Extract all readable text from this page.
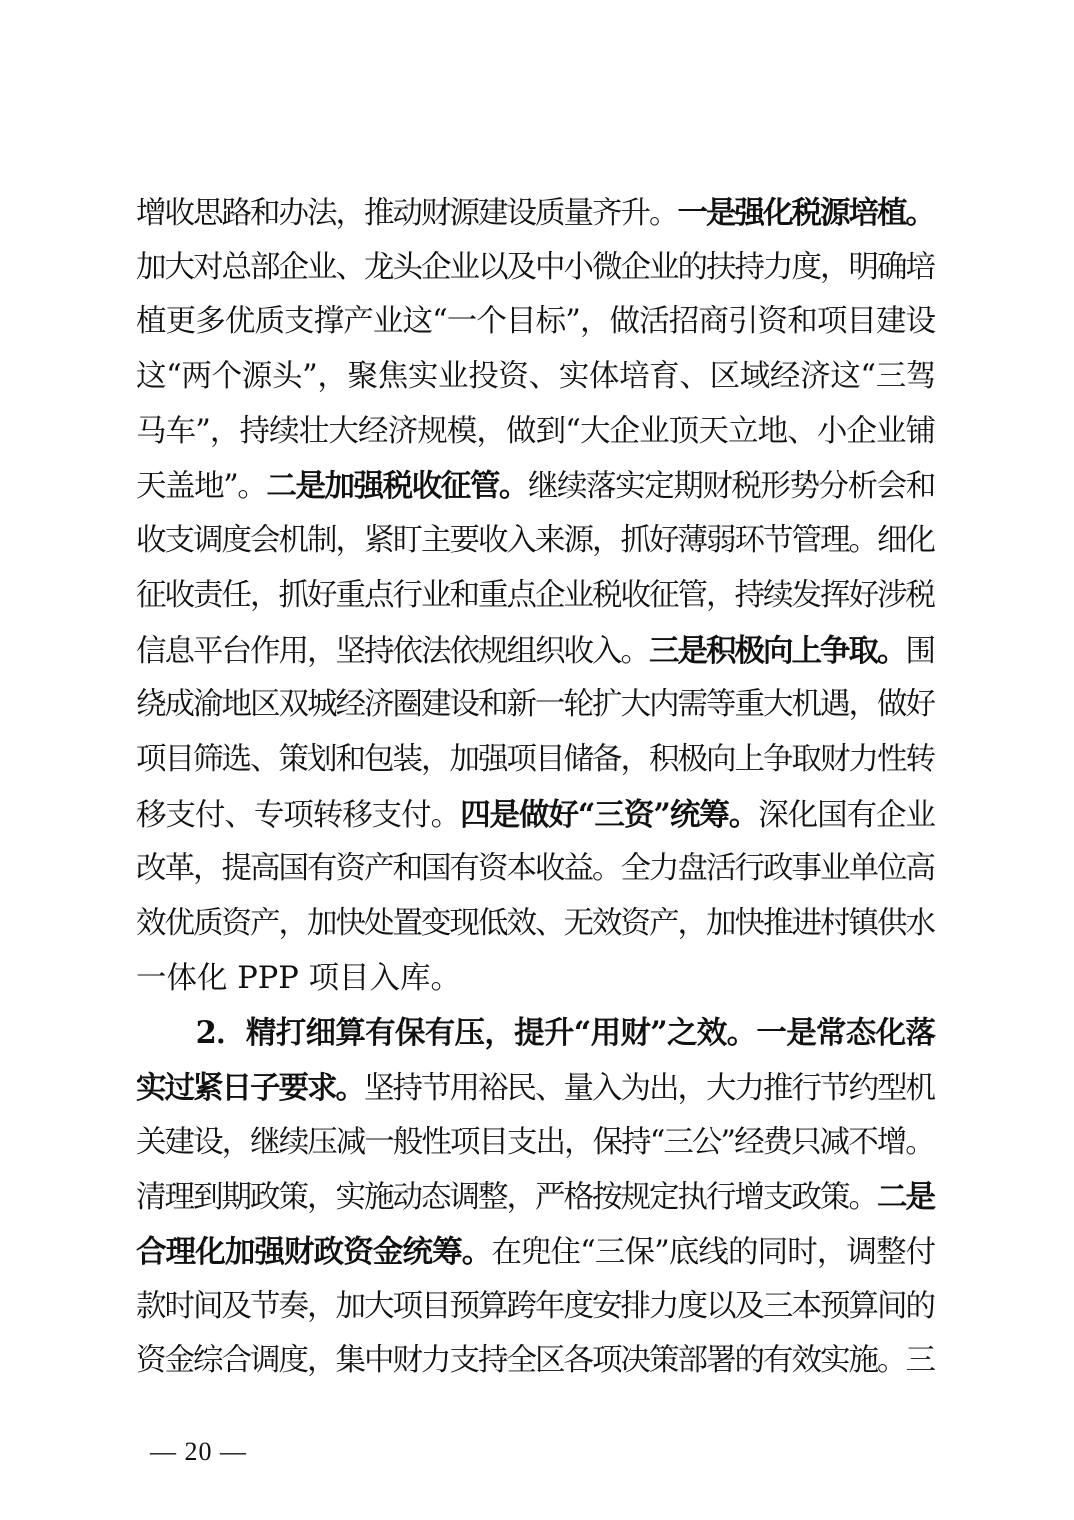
增收思路和办法，推动财源建设质量齐升。一是强化税源培植。
加大对总部企业、龙头企业以及中小微企业的扶持力度，明确培
植更多优质支撑产业这“一个目标”，做活招商引资和项目建设
这“两个源头”，聚焦实业投资、实体培育、区域经济这“三驾
马车”，持续壮大经济规模，做到“大企业顶天立地、小企业铺
天盖地”。二是加强税收征管。继续落实定期财税形势分析会和
收支调度会机制，紧盯主要收入来源，抓好薄弱环节管理。细化
征收责任，抓好重点行业和重点企业税收征管，持续发挥好涉税
信息平台作用，坚持依法依规组织收入。三是积极向上争取。围
绕成渝地区双城经济圈建设和新一轮扩大内需等重大机遇，做好
项目筛选、策划和包装，加强项目储备，积极向上争取财力性转
移支付、专项转移支付。四是做好“三资”统筹。深化国有企业
改革，提高国有资产和国有资本收益。全力盘活行政事业单位高
效优质资产，加快处置变现低效、无效资产，加快推进村镇供水
一体化 PPP 项目入库。
　　2．精打细算有保有压，提升“用财”之效。一是常态化落
实过紧日子要求。坚持节用裕民、量入为出，大力推行节约型机
关建设，继续压减一般性项目支出，保持“三公”经费只减不增。
清理到期政策，实施动态调整，严格按规定执行增支政策。二是
合理化加强财政资金统筹。在兜住“三保”底线的同时，调整付
款时间及节奏，加大项目预算跨年度安排力度以及三本预算间的
资金综合调度，集中财力支持全区各项决策部署的有效实施。三
— 20 —
